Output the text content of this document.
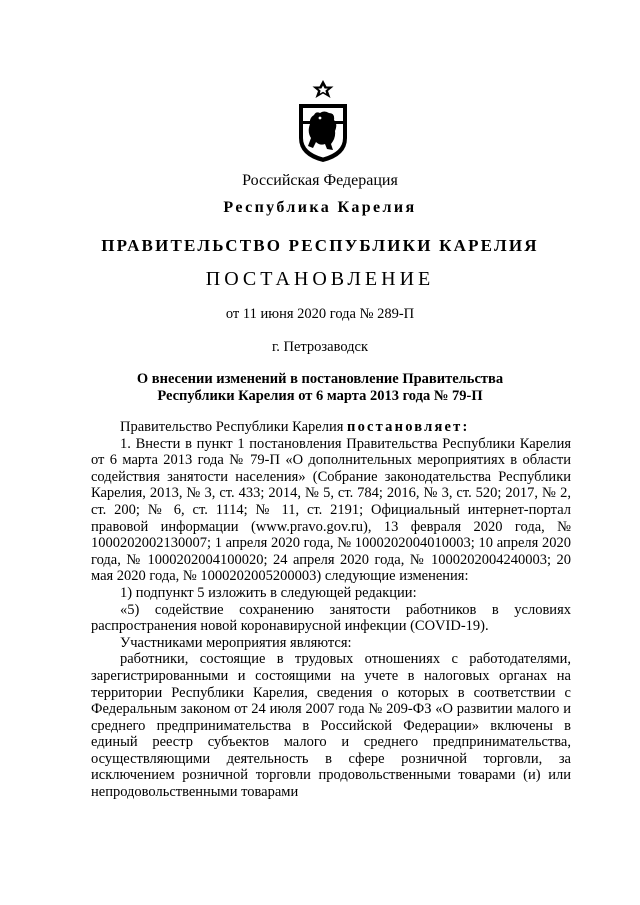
Российская Федерация
Республика Карелия
ПРАВИТЕЛЬСТВО РЕСПУБЛИКИ КАРЕЛИЯ
ПОСТАНОВЛЕНИЕ
от 11 июня 2020 года № 289-П
г. Петрозаводск
О внесении изменений в постановление Правительства
Республики Карелия от 6 марта 2013 года № 79-П

Правительство Республики Карелия постановляет:

1. Внести в пункт 1 постановления Правительства Республики Карелия от 6 марта 2013 года № 79-П «О дополнительных мероприятиях в области содействия занятости населения» (Собрание законодательства Республики Карелия, 2013, № 3, ст. 433; 2014, № 5, ст. 784; 2016, № 3, ст. 520; 2017, № 2, ст. 200; № 6, ст. 1114; № 11, ст. 2191; Официальный интернет-портал правовой информации (www.pravo.gov.ru), 13 февраля 2020 года, № 1000202002130007; 1 апреля 2020 года, № 1000202004010003; 10 апреля 2020 года, № 1000202004100020; 24 апреля 2020 года, № 1000202004240003; 20 мая 2020 года, № 1000202005200003) следующие изменения:

1) подпункт 5 изложить в следующей редакции:

«5) содействие сохранению занятости работников в условиях распространения новой коронавирусной инфекции (COVID-19).

Участниками мероприятия являются:

работники, состоящие в трудовых отношениях с работодателями, зарегистрированными и состоящими на учете в налоговых органах на территории Республики Карелия, сведения о которых в соответствии с Федеральным законом от 24 июля 2007 года № 209-ФЗ «О развитии малого и среднего предпринимательства в Российской Федерации» включены в единый реестр субъектов малого и среднего предпринимательства, осуществляющими деятельность в сфере розничной торговли, за исключением розничной торговли продовольственными товарами (и) или непродовольственными товарами
